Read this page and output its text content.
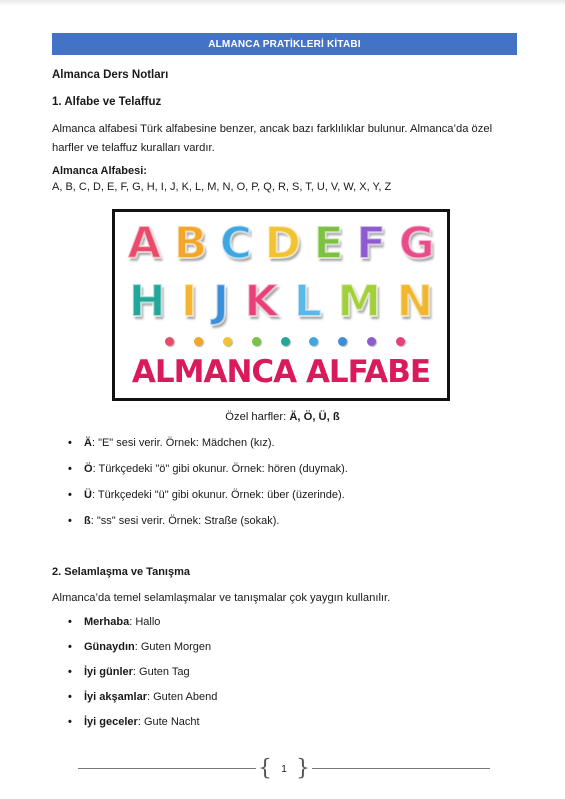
ALMANCA PRATİKLERİ KİTABI
Almanca Ders Notları
1. Alfabe ve Telaffuz
Almanca alfabesi Türk alfabesine benzer, ancak bazı farklılıklar bulunur. Almanca’da özel
harfler ve telaffuz kuralları vardır.
Almanca Alfabesi:
A, B, C, D, E, F, G, H, I, J, K, L, M, N, O, P, Q, R, S, T, U, V, W, X, Y, Z
A B C D E F G
H I J K L M N
ALMANCA ALFABE
Özel harfler: Ä, Ö, Ü, ß
• Ä: "E" sesi verir. Örnek: Mädchen (kız).
• Ö: Türkçedeki "ö" gibi okunur. Örnek: hören (duymak).
• Ü: Türkçedeki "ü" gibi okunur. Örnek: über (üzerinde).
• ß: "ss" sesi verir. Örnek: Straße (sokak).
2. Selamlaşma ve Tanışma
Almanca’da temel selamlaşmalar ve tanışmalar çok yaygın kullanılır.
• Merhaba: Hallo
• Günaydın: Guten Morgen
• İyi günler: Guten Tag
• İyi akşamlar: Guten Abend
• İyi geceler: Gute Nacht
{ 1 }
